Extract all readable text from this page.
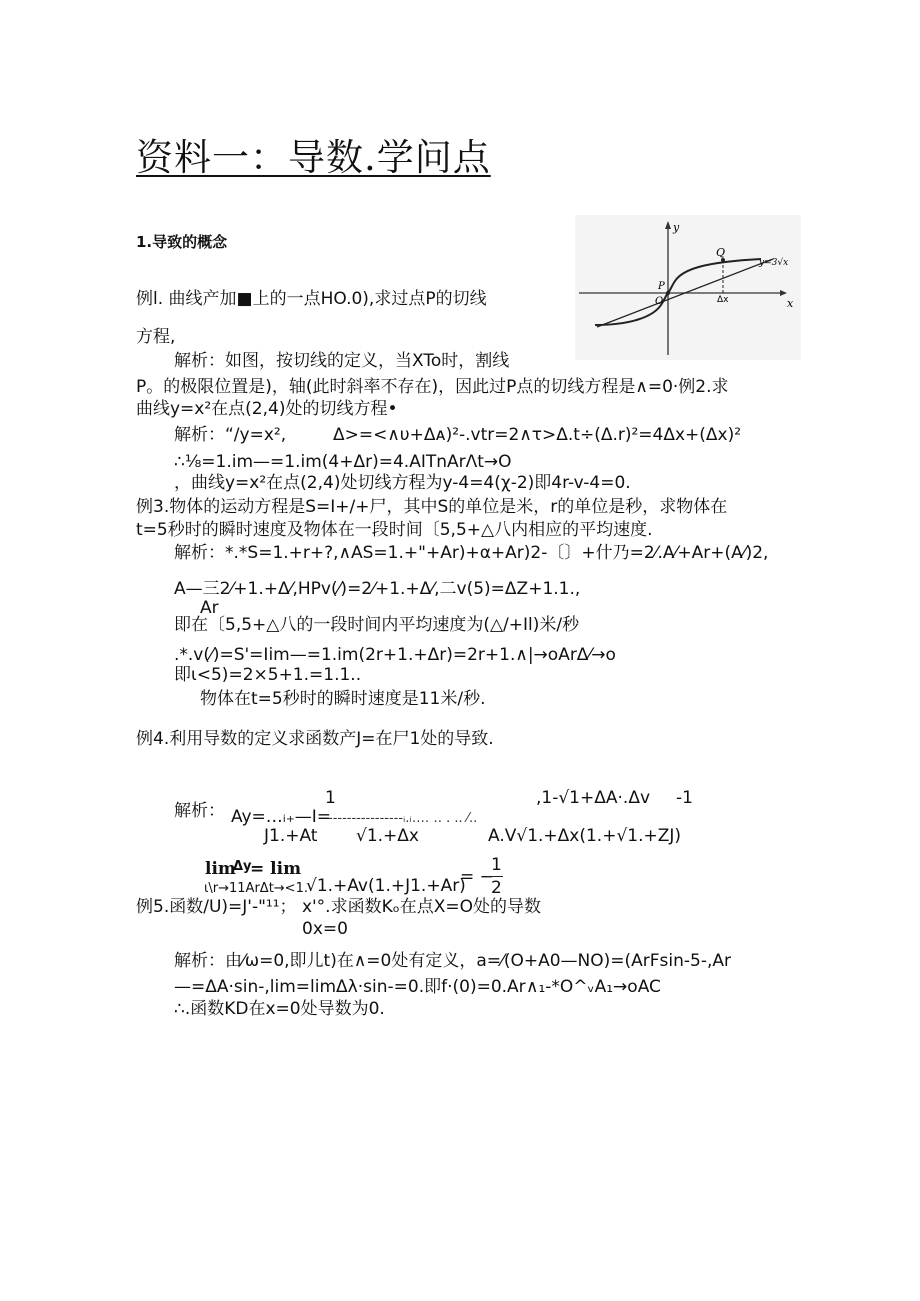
资料一：导数.学问点
1.导致的概念
例l. 曲线产加■上的一点HO.0),求过点P的切线
方程,
解析：如图，按切线的定义，当XTo时，割线
P。的极限位置是)，轴(此时斜率不存在)，因此过P点的切线方程是∧=0·例2.求
曲线y=x²在点(2,4)处的切线方程•
解析：“/y=x²,	Δ>=<∧υ+Δᴀ)²-.vtr=2∧τ>Δ.t÷(Δ.r)²=4Δx+(Δx)²
∴⅛=1.im—=1.im(4+Δr)=4.AITnArΛt→O
，曲线y=x²在点(2,4)处切线方程为y-4=4(χ-2)即4r-v-4=0.
例3.物体的运动方程是S=I+/+尸，其中S的单位是米，r的单位是秒，求物体在
t=5秒时的瞬时速度及物体在一段时间〔5,5+△八内相应的平均速度.
解析：*.*S=1.+r+?,∧AS=1.+"+Ar)+α+Ar)2-〔〕+什乃=2⁄.A⁄+Ar+(A⁄)2,
A—三2⁄+1.+Δ⁄,HPv(⁄)=2⁄+1.+Δ⁄,二v(5)=ΔZ+1.1.,
Ar
即在〔5,5+△八的一段时间内平均速度为(△/+Il)米/秒
.*.v(⁄)=S'=Iim—=1.im(2r+1.+Δr)=2r+1.∧|→oArΔ⁄→o
即ι<5)=2×5+1.=1.1..
物体在t=5秒时的瞬时速度是11米/秒.
例4.利用导数的定义求函数产J=在尸1处的导致.
解析：
1	,1-√1+ΔA·.Δv -1
Ay=…ᵢ₊—I=
----------------ᵢ.ᵢ‥‥ ‥ . .. ⁄..
J1.+At √1.+Δx	A.V√1.+Δx(1.+√1.+ZJ)
lim
Δy
= lim
ι\r→11ArΔt→<1.
√1.+Av(1.+J1.+Ar)
= −
1
2
例5.函数/U)=J'-"¹¹； x'°.求函数Kₒ在点X=O处的导数
0x=0
解析：由⁄ω=0,即儿t)在∧=0处有定义，a=⁄(O+A0—NO)=(ArFsin-5-,Ar
—=ΔA·sin-,lim=limΔλ·sin-=0.即f·(0)=0.Ar ∧₁-*O^ᵥA₁→oAC
∴.函数KD在x=0处导数为0.
y
x
y=3√x
Q
P
O	Δx
